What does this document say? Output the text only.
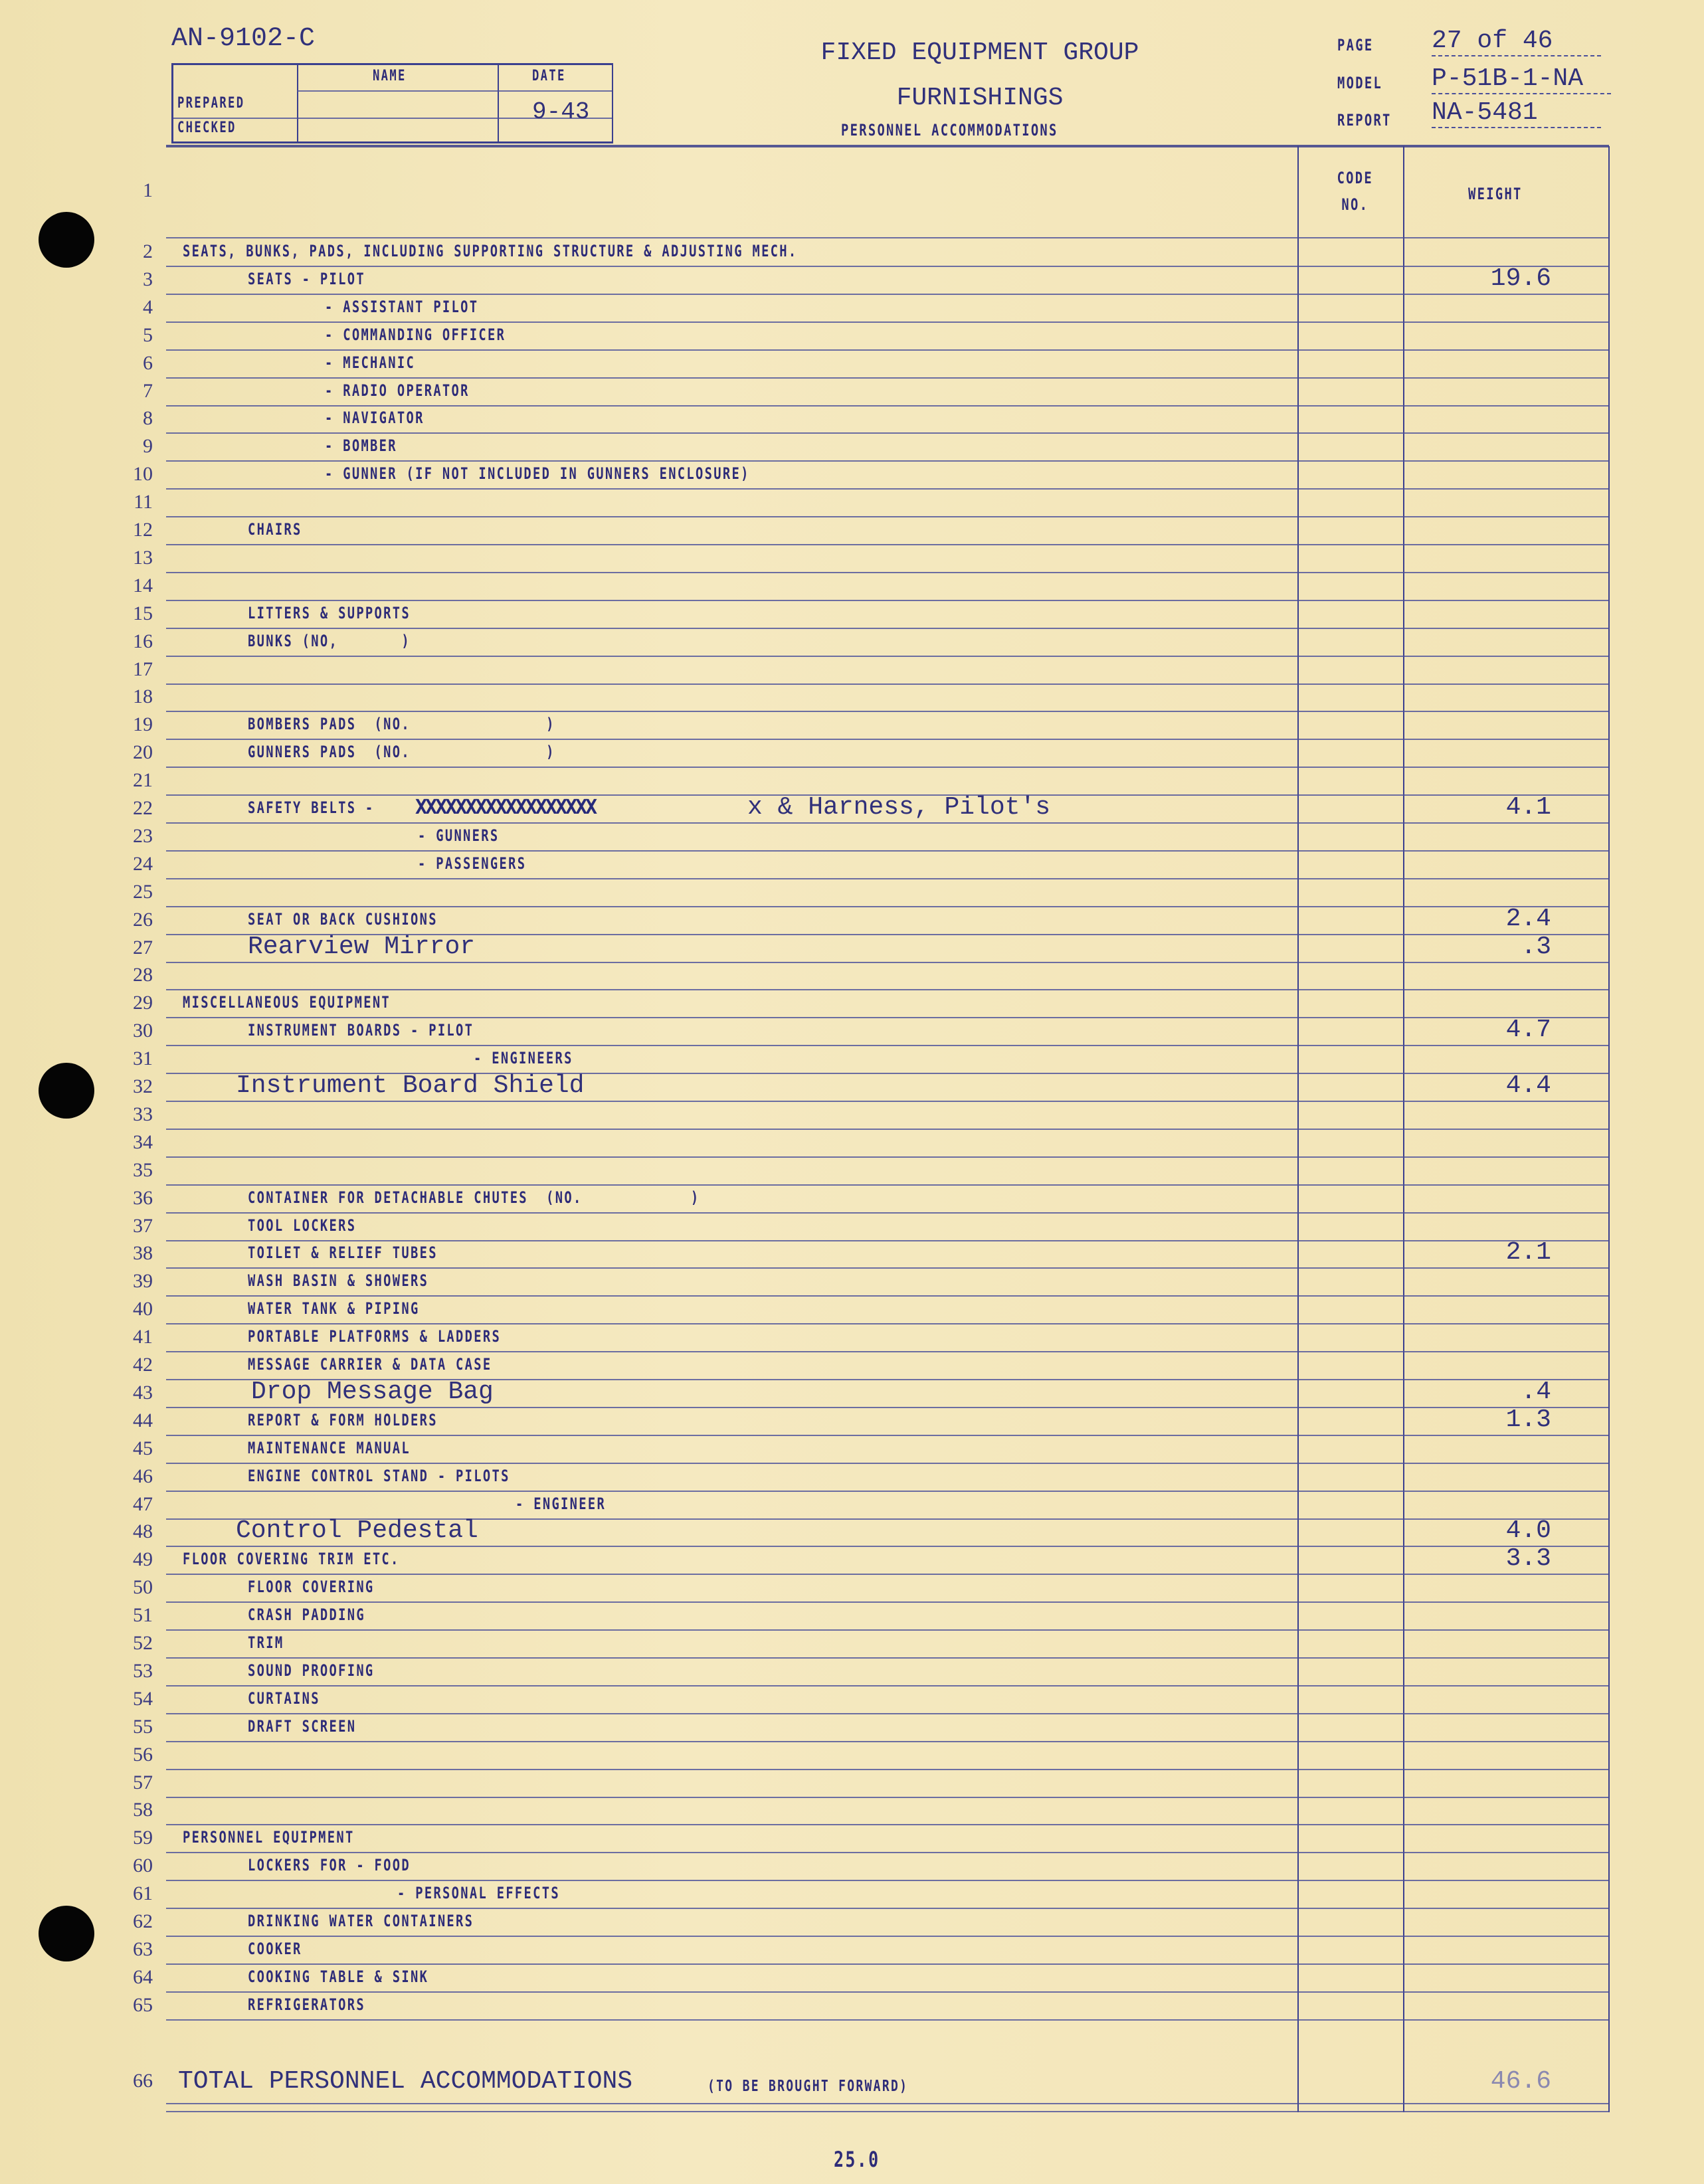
AN-9102-C
NAME	DATE
PREPARED
CHECKED
9-43
FIXED EQUIPMENT GROUP
FURNISHINGS
PERSONNEL ACCOMMODATIONS
PAGE 27 of 46
MODEL P-51B-1-NA
REPORT NA-5481
1
CODE NO.
WEIGHT
2 SEATS, BUNKS, PADS, INCLUDING SUPPORTING STRUCTURE & ADJUSTING MECH.
3	SEATS - PILOT	19.6
4	- ASSISTANT PILOT
5	- COMMANDING OFFICER
6	- MECHANIC
7	- RADIO OPERATOR
8	- NAVIGATOR
9	- BOMBER
10	- GUNNER (IF NOT INCLUDED IN GUNNERS ENCLOSURE)
11
12	CHAIRS
13
14
15	LITTERS & SUPPORTS
16	BUNKS (NO,       )
17
18
19	BOMBERS PADS  (NO.               )
20	GUNNERS PADS  (NO.               )
21
22	SAFETY BELTS - XXXXXXXXXXXXXXXXXX	x & Harness, Pilot's	4.1
23	- GUNNERS
24	- PASSENGERS
25
26	SEAT OR BACK CUSHIONS	2.4
27	Rearview Mirror	.3
28
29 MISCELLANEOUS EQUIPMENT
30	INSTRUMENT BOARDS - PILOT	4.7
31	- ENGINEERS
32	Instrument Board Shield	4.4
33
34
35
36	CONTAINER FOR DETACHABLE CHUTES  (NO.            )
37	TOOL LOCKERS
38	TOILET & RELIEF TUBES	2.1
39	WASH BASIN & SHOWERS
40	WATER TANK & PIPING
41	PORTABLE PLATFORMS & LADDERS
42	MESSAGE CARRIER & DATA CASE
43	Drop Message Bag	.4
44	REPORT & FORM HOLDERS	1.3
45	MAINTENANCE MANUAL
46	ENGINE CONTROL STAND - PILOTS
47	- ENGINEER
48	Control Pedestal	4.0
49 FLOOR COVERING TRIM ETC.	3.3
50	FLOOR COVERING
51	CRASH PADDING
52	TRIM
53	SOUND PROOFING
54	CURTAINS
55	DRAFT SCREEN
56
57
58
59 PERSONNEL EQUIPMENT
60	LOCKERS FOR - FOOD
61	- PERSONAL EFFECTS
62	DRINKING WATER CONTAINERS
63	COOKER
64	COOKING TABLE & SINK
65	REFRIGERATORS
66 TOTAL PERSONNEL ACCOMMODATIONS	(TO BE BROUGHT FORWARD)	46.6
25.0
